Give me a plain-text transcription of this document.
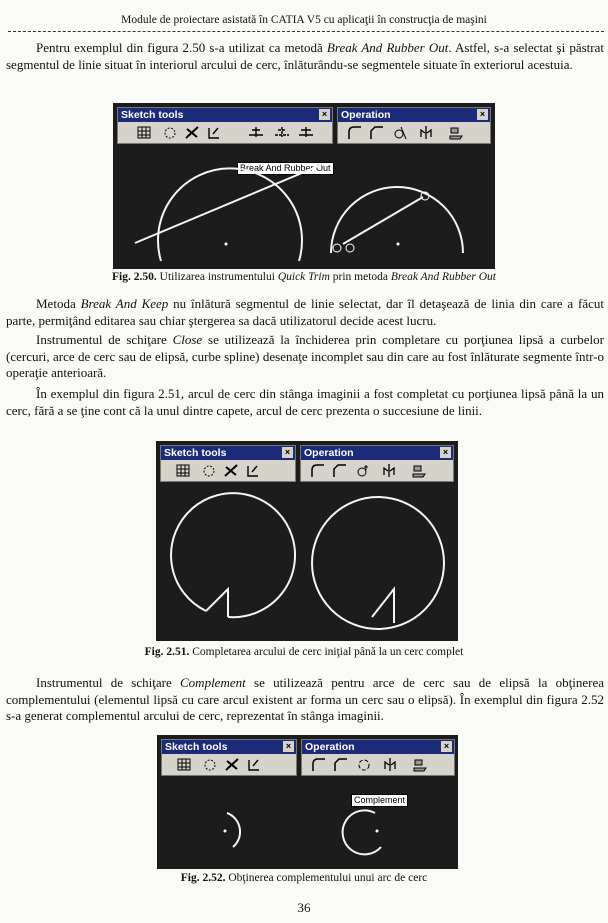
Module de proiectare asistată în CATIA V5 cu aplicaţii în construcţia de maşini

Pentru exemplul din figura 2.50 s-a utilizat ca metodă Break And Rubber Out. Astfel, s-a selectat şi păstrat segmentul de linie situat în interiorul arcului de cerc, înlăturându-se segmentele situate în exteriorul acestuia.

Sketch tools	× Operation	×
Break And Rubber Out
Fig. 2.50. Utilizarea instrumentului Quick Trim prin metoda Break And Rubber Out

Metoda Break And Keep nu înlătură segmentul de linie selectat, dar îl detaşează de linia din care a făcut parte, permiţând editarea sau chiar ştergerea sa dacă utilizatorul decide acest lucru.

Instrumentul de schiţare Close se utilizează la închiderea prin completare cu porţiunea lipsă a curbelor (cercuri, arce de cerc sau de elipsă, curbe spline) desenaţe incomplet sau din care au fost înlăturate segmente într-o operaţie anterioară.

În exemplul din figura 2.51, arcul de cerc din stânga imaginii a fost completat cu porţiunea lipsă până la un cerc, fără a se ţine cont că la unul dintre capete, arcul de cerc prezenta o succesiune de linii.

Sketch tools	× Operation	×
Fig. 2.51. Completarea arcului de cerc iniţial până la un cerc complet

Instrumentul de schiţare Complement se utilizează pentru arce de cerc sau de elipsă la obţinerea complementului (elementul lipsă cu care arcul existent ar forma un cerc sau o elipsă). În exemplul din figura 2.52 s-a generat complementul arcului de cerc, reprezentat în stânga imaginii.

Sketch tools	× Operation	×
Complement
Fig. 2.52. Obţinerea complementului unui arc de cerc
36
